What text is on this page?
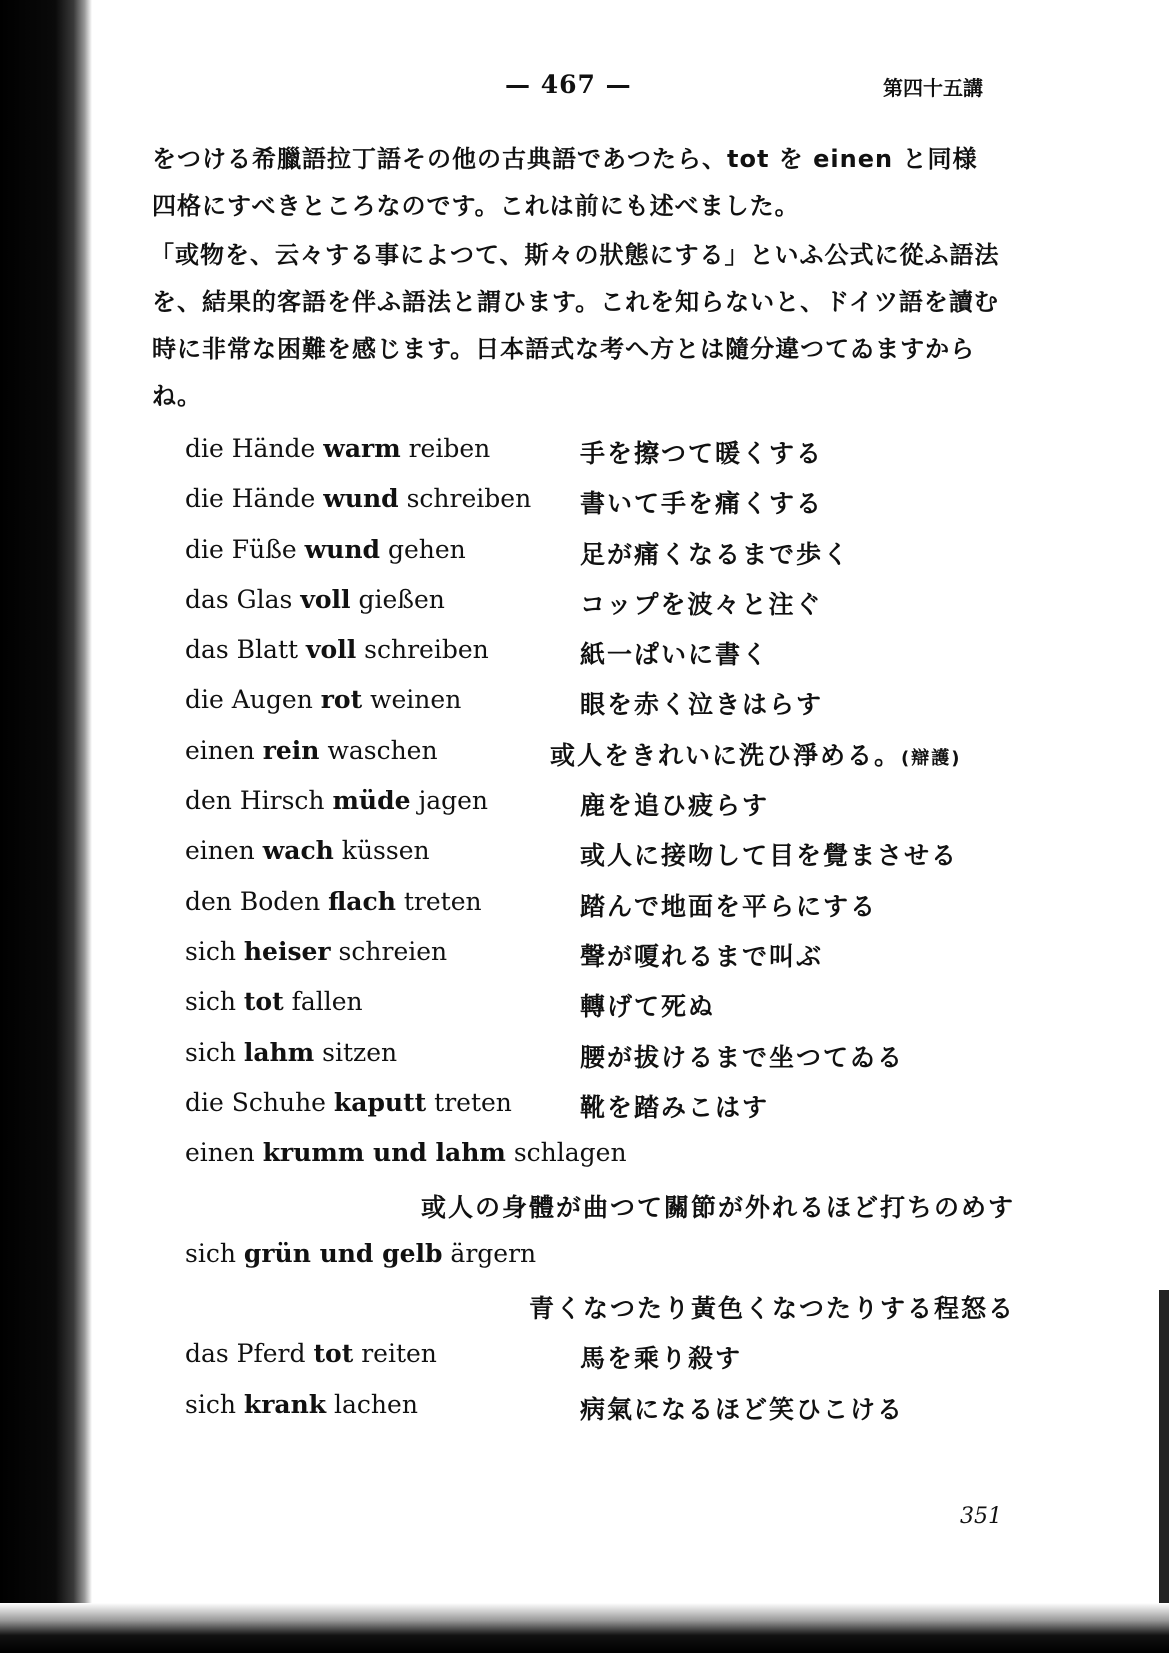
— 467 —	第四十五講

をつける希臘語拉丁語その他の古典語であつたら、tot を einen と同様四格にすべきところなのです。これは前にも述べました。

「或物を、云々する事によつて、斯々の狀態にする」といふ公式に從ふ語法を、結果的客語を伴ふ語法と謂ひます。これを知らないと、ドイツ語を讀む時に非常な困難を感じます。日本語式な考へ方とは隨分違つてゐますからね。

die Hände warm reiben	手を擦つて暖くする
die Hände wund schreiben 書いて手を痛くする
die Füße wund gehen	足が痛くなるまで歩く
das Glas voll gießen	コップを波々と注ぐ
das Blatt voll schreiben	紙一ぱいに書く
die Augen rot weinen	眼を赤く泣きはらす
einen rein waschen	或人をきれいに洗ひ淨める。(辯護)
den Hirsch müde jagen	鹿を追ひ疲らす
einen wach küssen	或人に接吻して目を覺まさせる
den Boden flach treten	踏んで地面を平らにする
sich heiser schreien	聲が嗄れるまで叫ぶ
sich tot fallen	轉げて死ぬ
sich lahm sitzen	腰が拔けるまで坐つてゐる
die Schuhe kaputt treten	靴を踏みこはす
einen krumm und lahm schlagen
或人の身體が曲つて關節が外れるほど打ちのめす
sich grün und gelb ärgern
青くなつたり黃色くなつたりする程怒る
das Pferd tot reiten	馬を乘り殺す
sich krank lachen	病氣になるほど笑ひこける
351
